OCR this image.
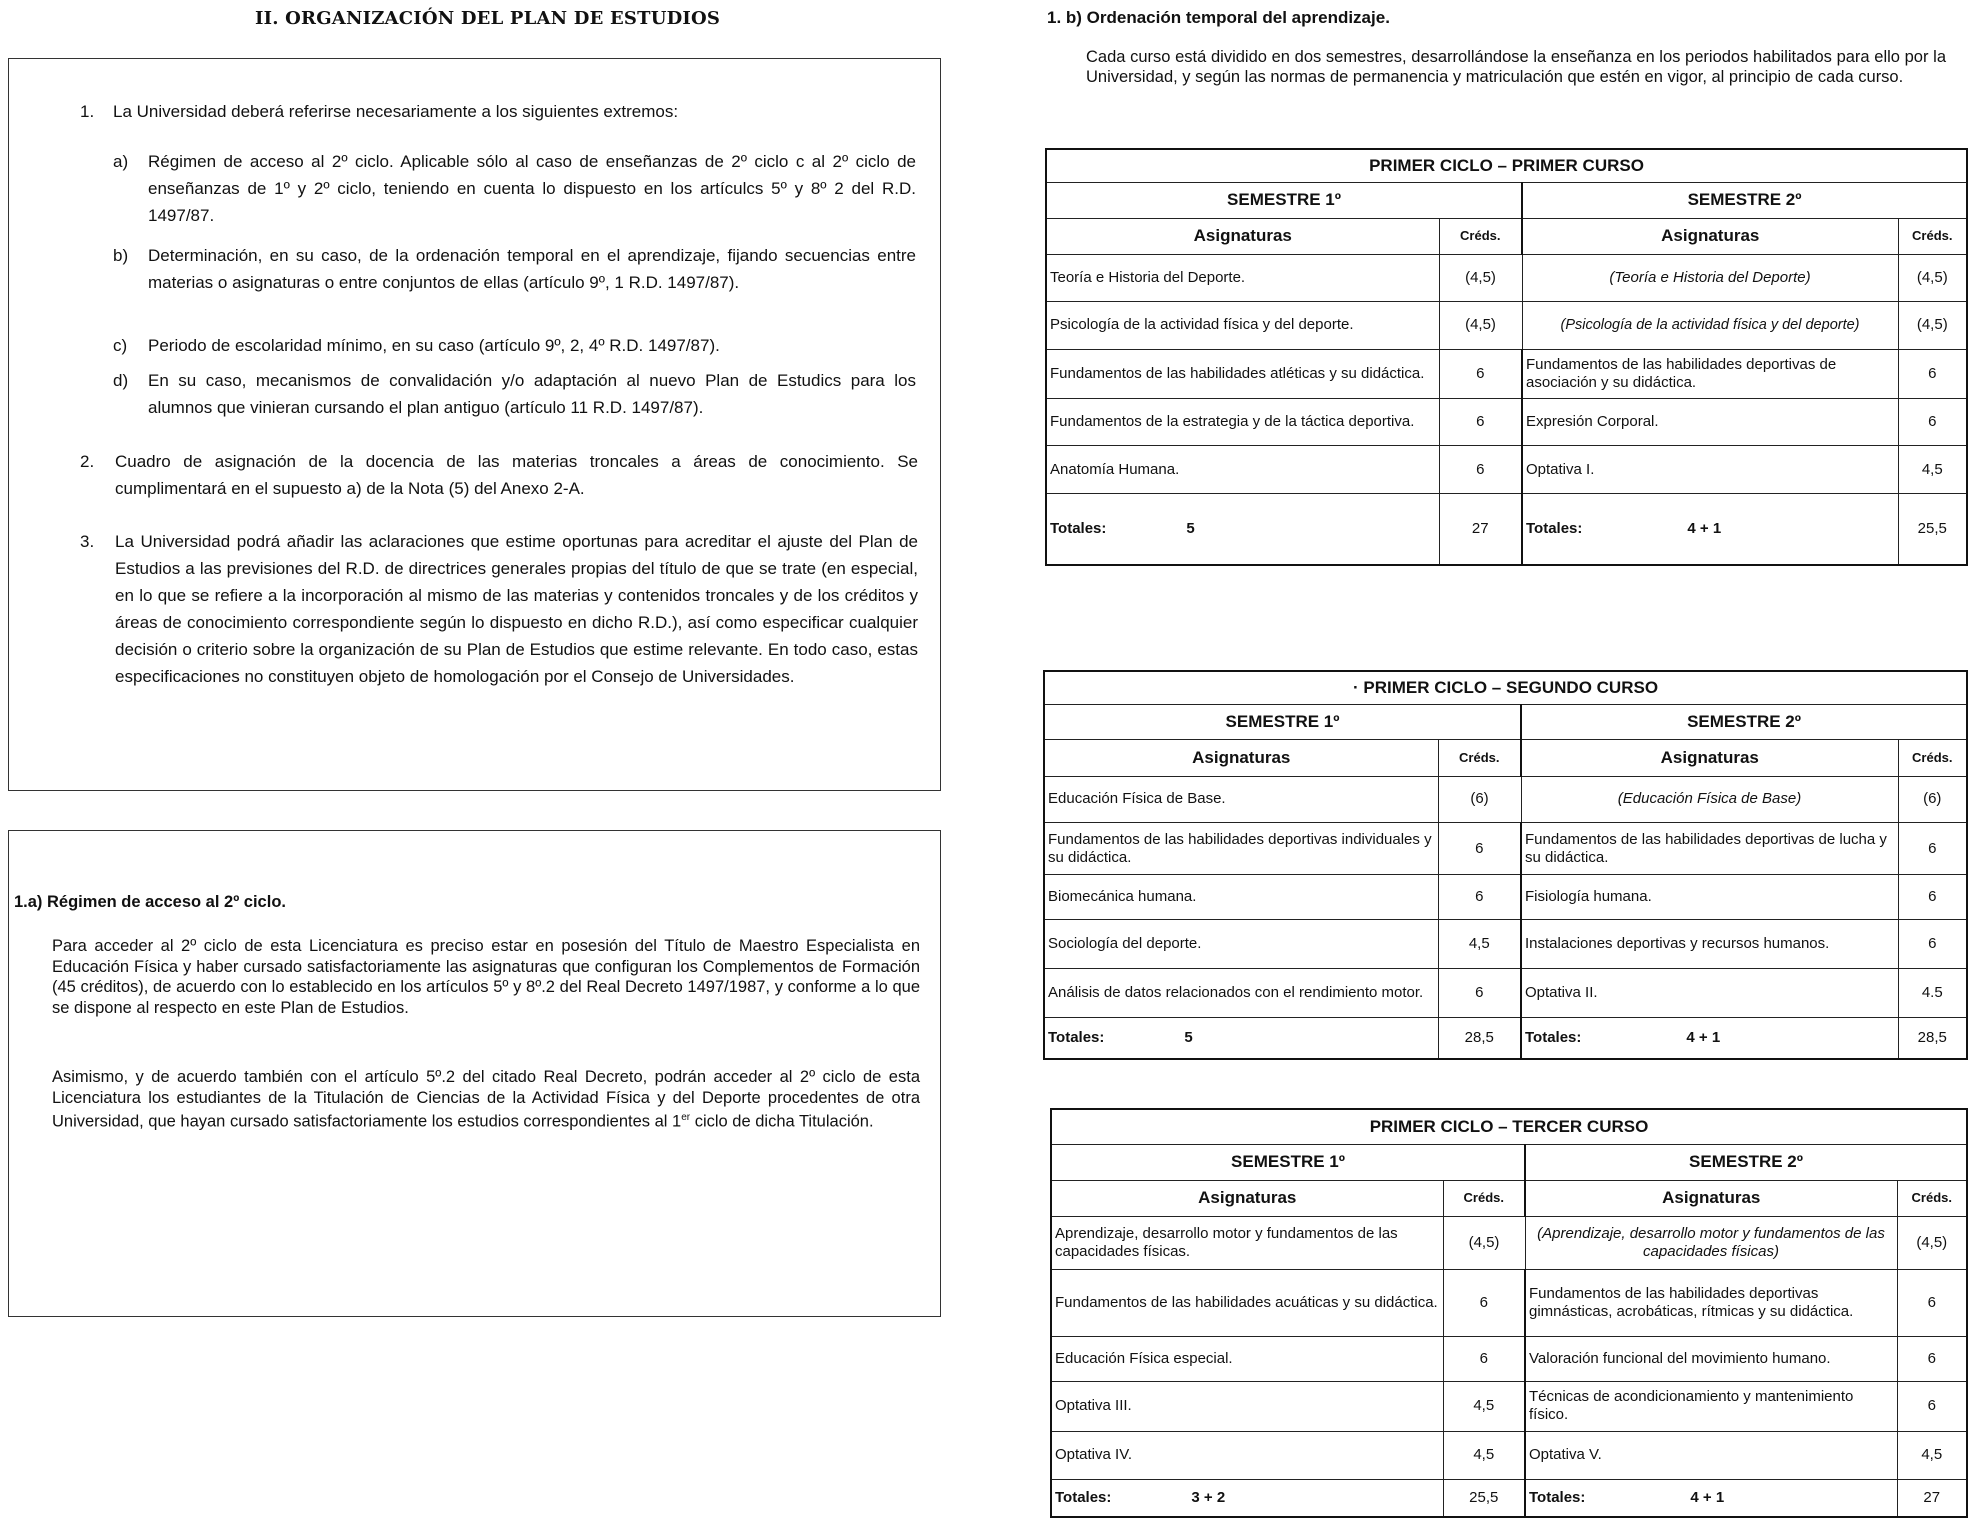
II. ORGANIZACIÓN DEL PLAN DE ESTUDIOS
1. La Universidad deberá referirse necesariamente a los siguientes extremos:
a) Régimen de acceso al 2º ciclo. Aplicable sólo al caso de enseñanzas de 2º ciclo c al 2º ciclo de enseñanzas de 1º y 2º ciclo, teniendo en cuenta lo dispuesto en los artículcs 5º y 8º 2 del R.D. 1497/87.
b) Determinación, en su caso, de la ordenación temporal en el aprendizaje, fijando secuencias entre materias o asignaturas o entre conjuntos de ellas (artículo 9º, 1 R.D. 1497/87).
c) Periodo de escolaridad mínimo, en su caso (artículo 9º, 2, 4º R.D. 1497/87).
d) En su caso, mecanismos de convalidación y/o adaptación al nuevo Plan de Estudics para los alumnos que vinieran cursando el plan antiguo (artículo 11 R.D. 1497/87).
2. Cuadro de asignación de la docencia de las materias troncales a áreas de conocimiento. Se cumplimentará en el supuesto a) de la Nota (5) del Anexo 2-A.
3. La Universidad podrá añadir las aclaraciones que estime oportunas para acreditar el ajuste del Plan de Estudios a las previsiones del R.D. de directrices generales propias del título de que se trate (en especial, en lo que se refiere a la incorporación al mismo de las materias y contenidos troncales y de los créditos y áreas de conocimiento correspondiente según lo dispuesto en dicho R.D.), así como especificar cualquier decisión o criterio sobre la organización de su Plan de Estudios que estime relevante. En todo caso, estas especificaciones no constituyen objeto de homologación por el Consejo de Universidades.
1.a) Régimen de acceso al 2º ciclo.
Para acceder al 2º ciclo de esta Licenciatura es preciso estar en posesión del Título de Maestro Especialista en Educación Física y haber cursado satisfactoriamente las asignaturas que configuran los Complementos de Formación (45 créditos), de acuerdo con lo establecido en los artículos 5º y 8º.2 del Real Decreto 1497/1987, y conforme a lo que se dispone al respecto en este Plan de Estudios.
Asimismo, y de acuerdo también con el artículo 5º.2 del citado Real Decreto, podrán acceder al 2º ciclo de esta Licenciatura los estudiantes de la Titulación de Ciencias de la Actividad Física y del Deporte procedentes de otra Universidad, que hayan cursado satisfactoriamente los estudios correspondientes al 1er ciclo de dicha Titulación.
1. b) Ordenación temporal del aprendizaje.
Cada curso está dividido en dos semestres, desarrollándose la enseñanza en los periodos habilitados para ello por la Universidad, y según las normas de permanencia y matriculación que estén en vigor, al principio de cada curso.
PRIMER CICLO – PRIMER CURSO			
SEMESTRE 1º		SEMESTRE 2º	
Asignaturas	Créds.	Asignaturas	Créds.
Teoría e Historia del Deporte.	(4,5)	(Teoría e Historia del Deporte)	(4,5)
Psicología de la actividad física y del deporte.	(4,5)	(Psicología de la actividad física y del deporte)	(4,5)
Fundamentos de las habilidades atléticas y su didáctica.	6	Fundamentos de las habilidades deportivas de asociación y su didáctica.	6
Fundamentos de la estrategia y de la táctica deportiva.	6	Expresión Corporal.	6
Anatomía Humana.	6	Optativa I.	4,5
Totales: 5	27	Totales: 4 + 1	25,5
· PRIMER CICLO – SEGUNDO CURSO			
SEMESTRE 1º		SEMESTRE 2º	
Asignaturas	Créds.	Asignaturas	Créds.
Educación Física de Base.	(6)	(Educación Física de Base)	(6)
Fundamentos de las habilidades deportivas individuales y su didáctica.	6	Fundamentos de las habilidades deportivas de lucha y su didáctica.	6
Biomecánica humana.	6	Fisiología humana.	6
Sociología del deporte.	4,5	Instalaciones deportivas y recursos humanos.	6
Análisis de datos relacionados con el rendimiento motor.	6	Optativa II.	4.5
Totales: 5	28,5	Totales: 4 + 1	28,5
PRIMER CICLO – TERCER CURSO			
SEMESTRE 1º		SEMESTRE 2º	
Asignaturas	Créds.	Asignaturas	Créds.
Aprendizaje, desarrollo motor y fundamentos de las capacidades físicas.	(4,5)	(Aprendizaje, desarrollo motor y fundamentos de las capacidades físicas)	(4,5)
Fundamentos de las habilidades acuáticas y su didáctica.	6	Fundamentos de las habilidades deportivas gimnásticas, acrobáticas, rítmicas y su didáctica.	6
Educación Física especial.	6	Valoración funcional del movimiento humano.	6
Optativa III.	4,5	Técnicas de acondicionamiento y mantenimiento físico.	6
Optativa IV.	4,5	Optativa V.	4,5
Totales: 3 + 2	25,5	Totales: 4 + 1	27
